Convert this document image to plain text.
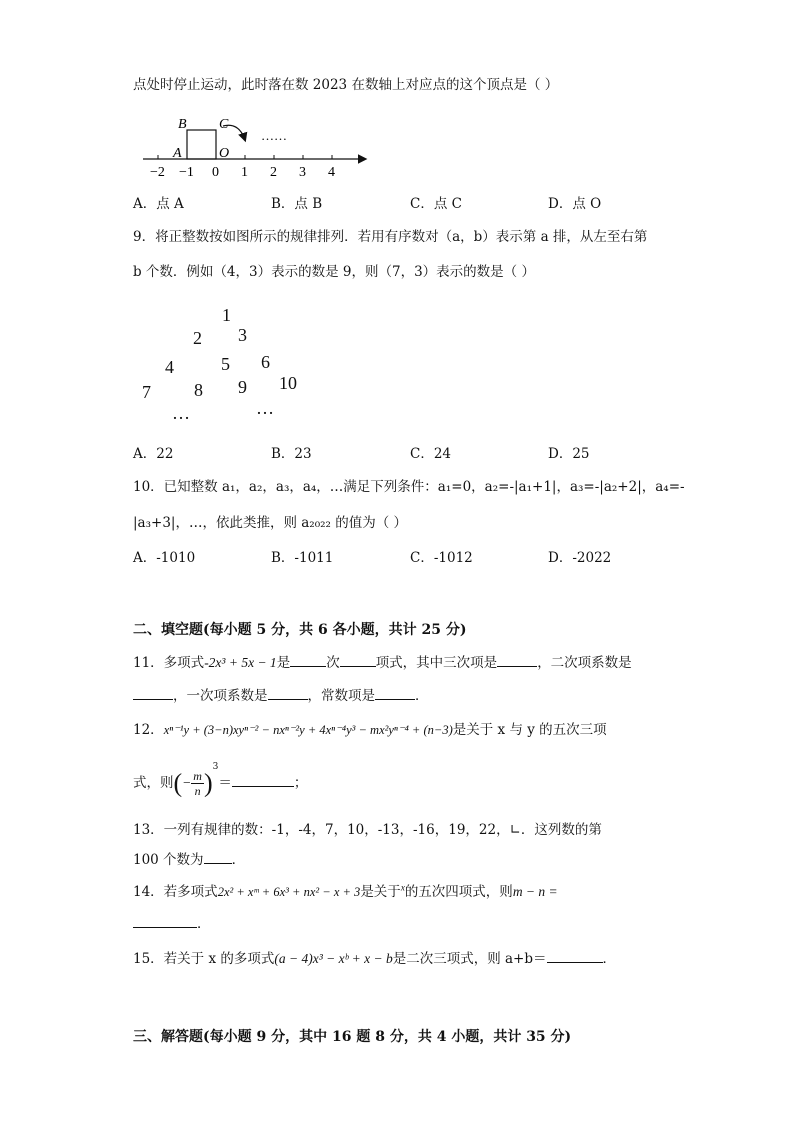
点处时停止运动，此时落在数 2023 在数轴上对应点的这个顶点是（ ）
B C
A	O
……
−2 −1 0 1 2 3 4
A．点 A	B．点 B	C．点 C	D．点 O
9．将正整数按如图所示的规律排列．若用有序数对（a，b）表示第 a 排，从左至右第
b 个数．例如（4，3）表示的数是 9，则（7，3）表示的数是（ ）
1
2 3
4	5 6
7 8 9 10
…	…
A．22	B．23	C．24	D．25
10．已知整数 a₁，a₂，a₃，a₄，…满足下列条件：a₁=0，a₂=-|a₁+1|，a₃=-|a₂+2|，a₄=-
|a₃+3|，…，依此类推，则 a₂₀₂₂ 的值为（ ）
A．-1010	B．-1011	C．-1012	D．-2022
二、填空题(每小题 5 分，共 6 各小题，共计 25 分)
11．多项式-2x³ + 5x − 1是	次	项式，其中三次项是	，二次项系数是
，一次项系数是	，常数项是	．
12．xⁿ⁻¹y + (3−n)xyⁿ⁻² − nxⁿ⁻²y + 4xⁿ⁻⁴y³ − mx²yⁿ⁻⁴ + (n−3)是关于 x 与 y 的五次三项
式，则(− $\frac{m}{n} )^3=$	；
13．一列有规律的数：-1，-4，7，10，-13，-16，19，22，∟．这列数的第
100 个数为 ．
14．若多项式2x² + xᵐ + 6x³ + nx² − x + 3是关于$^x$的五次四项式，则m − n =
．
15．若关于 x 的多项式(a − 4)x³ − xᵇ + x − b是二次三项式，则 a+b＝	．
三、解答题(每小题 9 分，其中 16 题 8 分，共 4 小题，共计 35 分)
